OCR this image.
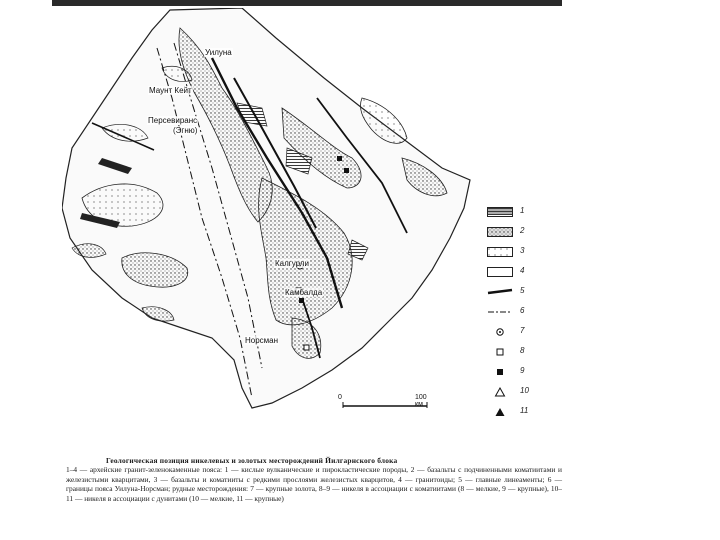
Уилуна
Маунт Кейт
Персевиранс
(Эгню)
Калгурли
Камбалда
Норсман
0	100 км
1
2
3
4
5
6
7
8
9
10
11
Геологическая позиция никелевых и золотых месторождений Йилгарнского блока
1–4 — архейские гранит-зеленокаменные пояса: 1 — кислые вулканические и пирокластические породы, 2 — базальты с подчиненными коматиитами и железистыми кварцитами, 3 — базальты и коматииты с редкими прослоями железистых кварцитов, 4 — гранитоиды; 5 — главные линеаменты; 6 — границы пояса Уилуна-Норсман; рудные месторождения: 7 — крупные золота, 8–9 — никеля в ассоциации с коматиитами (8 — мелкие, 9 — крупные), 10–11 — никеля в ассоциации с дунитами (10 — мелкие, 11 — крупные)
